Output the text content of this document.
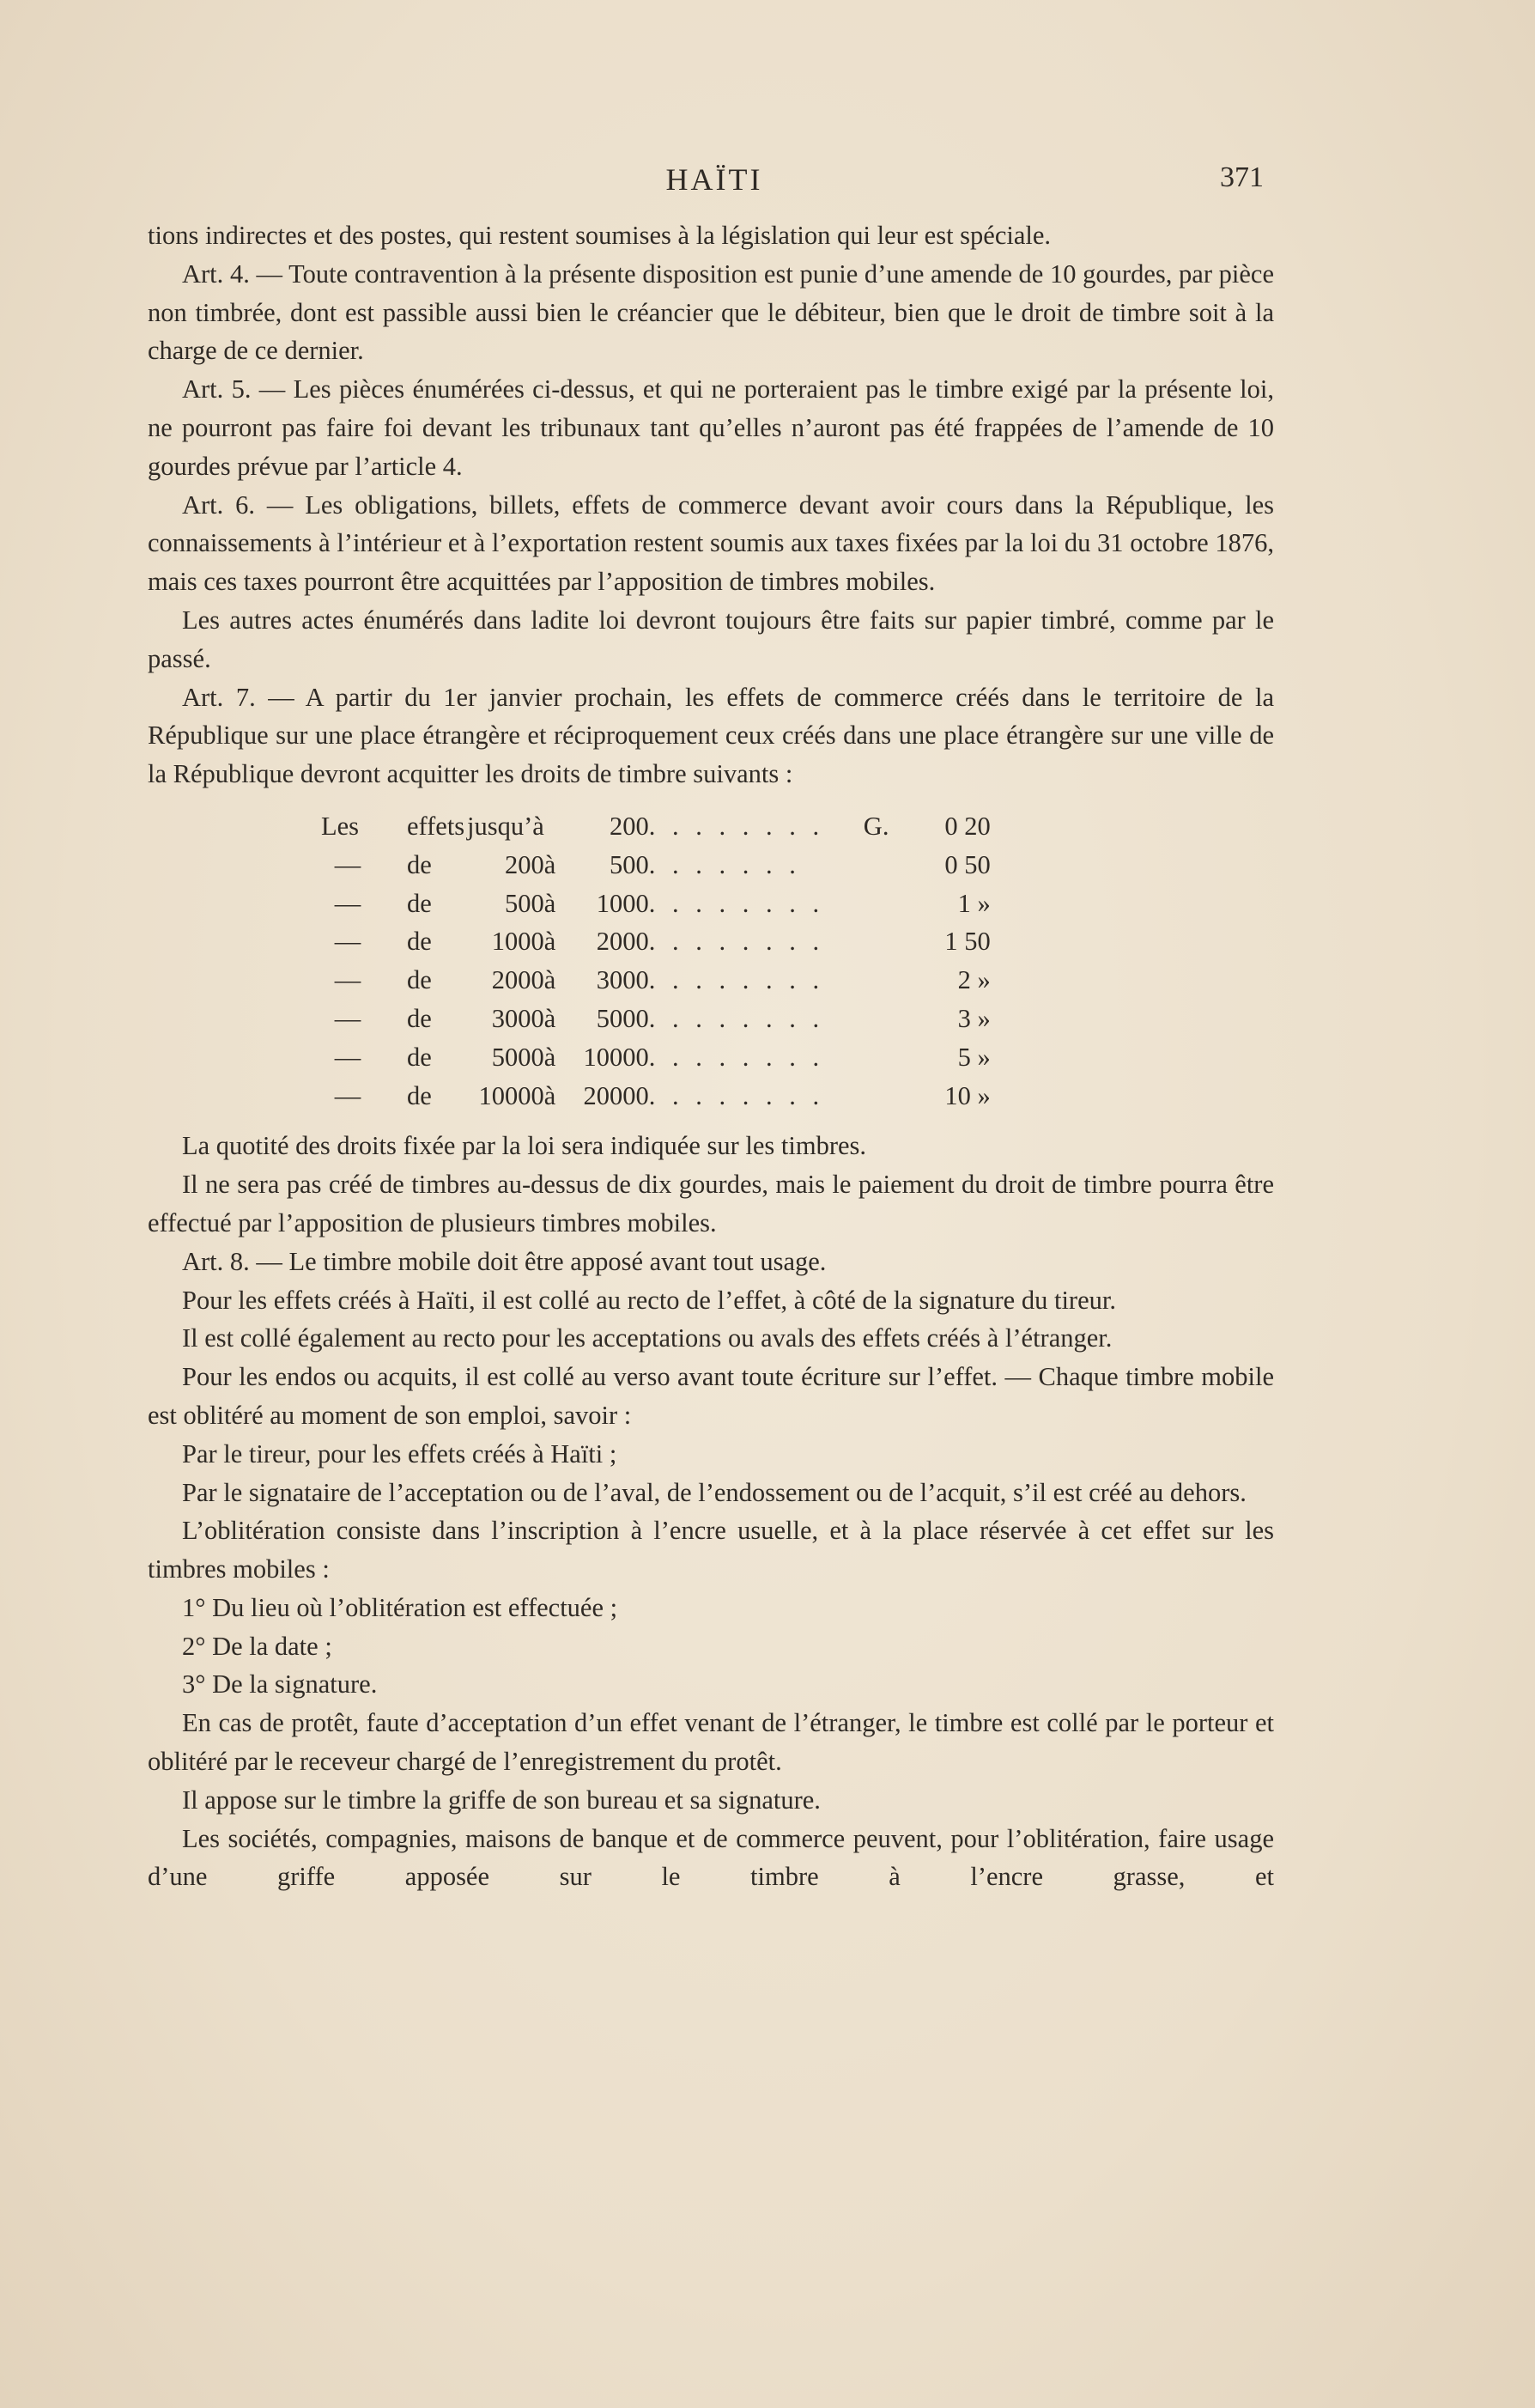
HAÏTI	371

tions indirectes et des postes, qui restent soumises à la législation qui leur est spéciale.

Art. 4. — Toute contravention à la présente disposition est punie d’une amende de 10 gourdes, par pièce non timbrée, dont est passible aussi bien le créancier que le débiteur, bien que le droit de timbre soit à la charge de ce dernier.

Art. 5. — Les pièces énumérées ci-dessus, et qui ne porteraient pas le timbre exigé par la présente loi, ne pourront pas faire foi devant les tribunaux tant qu’elles n’auront pas été frappées de l’amende de 10 gourdes prévue par l’article 4.

Art. 6. — Les obligations, billets, effets de commerce devant avoir cours dans la République, les connaissements à l’intérieur et à l’exportation restent soumis aux taxes fixées par la loi du 31 octobre 1876, mais ces taxes pourront être acquittées par l’apposition de timbres mobiles.

Les autres actes énumérés dans ladite loi devront toujours être faits sur papier timbré, comme par le passé.

Art. 7. — A partir du 1er janvier prochain, les effets de commerce créés dans le territoire de la République sur une place étrangère et réciproquement ceux créés dans une place étrangère sur une ville de la République devront acquitter les droits de timbre suivants :

Les	effets	jusqu’à		200	. . . . . . . .	G.	0 20
—	de	200	à	500	. . . . . . .		0 50
—	de	500	à	1000	. . . . . . . .		1 »
—	de	1000	à	2000	. . . . . . . .		1 50
—	de	2000	à	3000	. . . . . . . .		2 »
—	de	3000	à	5000	. . . . . . . .		3 »
—	de	5000	à	10000	. . . . . . . .		5 »
—	de	10000	à	20000	. . . . . . . .		10 »

La quotité des droits fixée par la loi sera indiquée sur les timbres.

Il ne sera pas créé de timbres au-dessus de dix gourdes, mais le paiement du droit de timbre pourra être effectué par l’apposition de plusieurs timbres mobiles.

Art. 8. — Le timbre mobile doit être apposé avant tout usage.

Pour les effets créés à Haïti, il est collé au recto de l’effet, à côté de la signature du tireur.

Il est collé également au recto pour les acceptations ou avals des effets créés à l’étranger.

Pour les endos ou acquits, il est collé au verso avant toute écriture sur l’effet. — Chaque timbre mobile est oblitéré au moment de son emploi, savoir :

Par le tireur, pour les effets créés à Haïti ;

Par le signataire de l’acceptation ou de l’aval, de l’endossement ou de l’acquit, s’il est créé au dehors.

L’oblitération consiste dans l’inscription à l’encre usuelle, et à la place réservée à cet effet sur les timbres mobiles :

1° Du lieu où l’oblitération est effectuée ;

2° De la date ;

3° De la signature.

En cas de protêt, faute d’acceptation d’un effet venant de l’étranger, le timbre est collé par le porteur et oblitéré par le receveur chargé de l’enregistrement du protêt.

Il appose sur le timbre la griffe de son bureau et sa signature.

Les sociétés, compagnies, maisons de banque et de commerce peuvent, pour l’oblitération, faire usage d’une griffe apposée sur le timbre à l’encre grasse, et
